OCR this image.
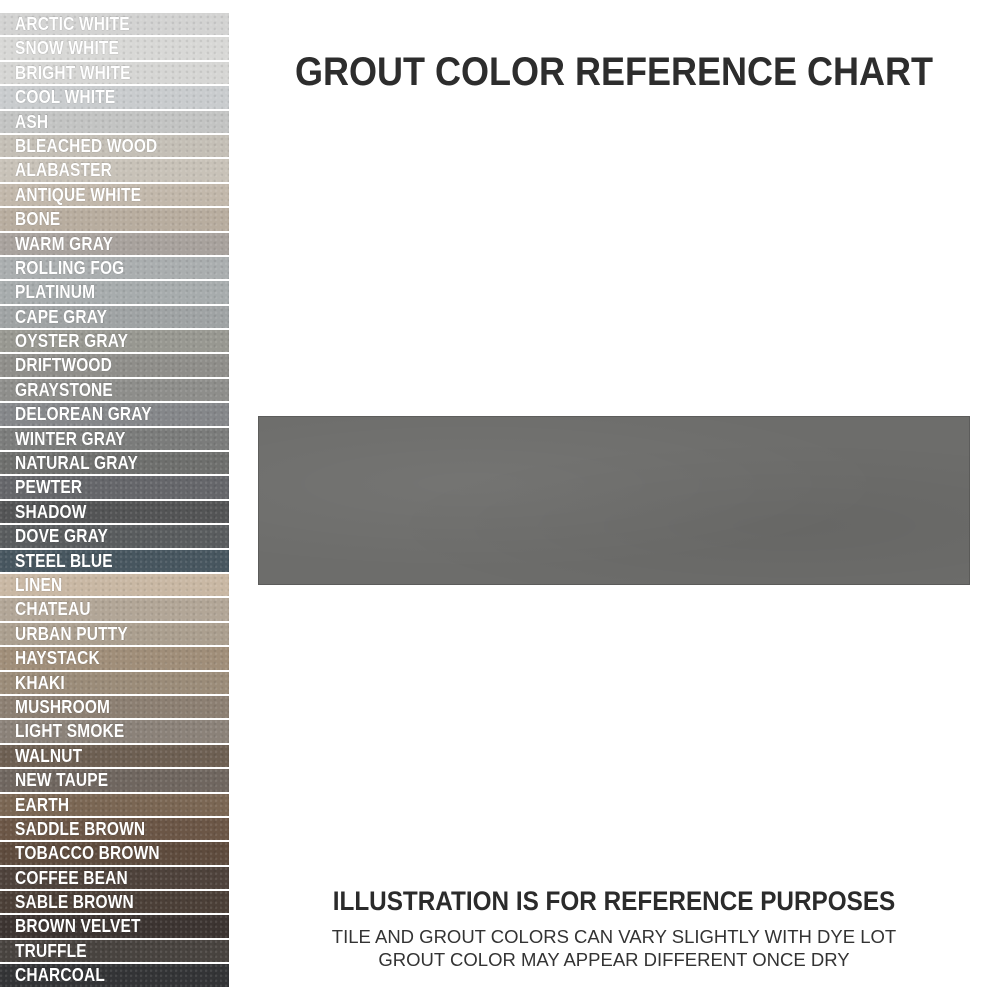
ARCTIC WHITE
SNOW WHITE
BRIGHT WHITE
COOL WHITE
ASH
BLEACHED WOOD
ALABASTER
ANTIQUE WHITE
BONE
WARM GRAY
ROLLING FOG
PLATINUM
CAPE GRAY
OYSTER GRAY
DRIFTWOOD
GRAYSTONE
DELOREAN GRAY
WINTER GRAY
NATURAL GRAY
PEWTER
SHADOW
DOVE GRAY
STEEL BLUE
LINEN
CHATEAU
URBAN PUTTY
HAYSTACK
KHAKI
MUSHROOM
LIGHT SMOKE
WALNUT
NEW TAUPE
EARTH
SADDLE BROWN
TOBACCO BROWN
COFFEE BEAN
SABLE BROWN
BROWN VELVET
TRUFFLE
CHARCOAL
GROUT COLOR REFERENCE CHART
ILLUSTRATION IS FOR REFERENCE PURPOSES

TILE AND GROUT COLORS CAN VARY SLIGHTLY WITH DYE LOT

GROUT COLOR MAY APPEAR DIFFERENT ONCE DRY
